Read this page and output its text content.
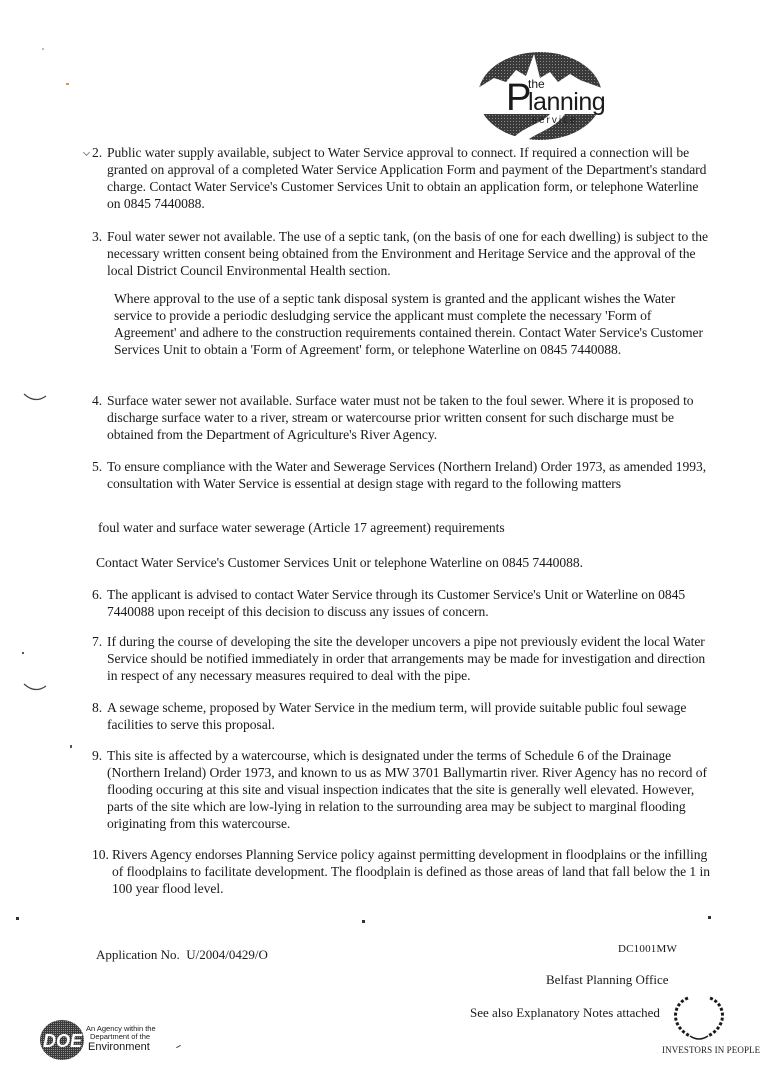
P
the
lanning
service
2. Public water supply available, subject to Water Service approval to connect. If required a connection will be granted on approval of a completed Water Service Application Form and payment of the Department's standard charge. Contact Water Service's Customer Services Unit to obtain an application form, or telephone Waterline on 0845 7440088.
3. Foul water sewer not available. The use of a septic tank, (on the basis of one for each dwelling) is subject to the necessary written consent being obtained from the Environment and Heritage Service and the approval of the local District Council Environmental Health section.
Where approval to the use of a septic tank disposal system is granted and the applicant wishes the Water service to provide a periodic desludging service the applicant must complete the necessary 'Form of Agreement' and adhere to the construction requirements contained therein. Contact Water Service's Customer Services Unit to obtain a 'Form of Agreement' form, or telephone Waterline on 0845 7440088.
4. Surface water sewer not available. Surface water must not be taken to the foul sewer. Where it is proposed to discharge surface water to a river, stream or watercourse prior written consent for such discharge must be obtained from the Department of Agriculture's River Agency.
5. To ensure compliance with the Water and Sewerage Services (Northern Ireland) Order 1973, as amended 1993, consultation with Water Service is essential at design stage with regard to the following matters
foul water and surface water sewerage (Article 17 agreement) requirements
Contact Water Service's Customer Services Unit or telephone Waterline on 0845 7440088.
6. The applicant is advised to contact Water Service through its Customer Service's Unit or Waterline on 0845 7440088 upon receipt of this decision to discuss any issues of concern.
7. If during the course of developing the site the developer uncovers a pipe not previously evident the local Water Service should be notified immediately in order that arrangements may be made for investigation and direction in respect of any necessary measures required to deal with the pipe.
8. A sewage scheme, proposed by Water Service in the medium term, will provide suitable public foul sewage facilities to serve this proposal.
9. This site is affected by a watercourse, which is designated under the terms of Schedule 6 of the Drainage (Northern Ireland) Order 1973, and known to us as MW 3701 Ballymartin river. River Agency has no record of flooding occuring at this site and visual inspection indicates that the site is generally well elevated. However, parts of the site which are low-lying in relation to the surrounding area may be subject to marginal flooding originating from this watercourse.
10. Rivers Agency endorses Planning Service policy against permitting development in floodplains or the infilling of floodplains to facilitate development. The floodplain is defined as those areas of land that fall below the 1 in 100 year flood level.
Application No. U/2004/0429/O	DC1001MW
Belfast Planning Office
See also Explanatory Notes attached
DOE
An Agency within the
Department of the
Environment	INVESTORS IN PEOPLE
